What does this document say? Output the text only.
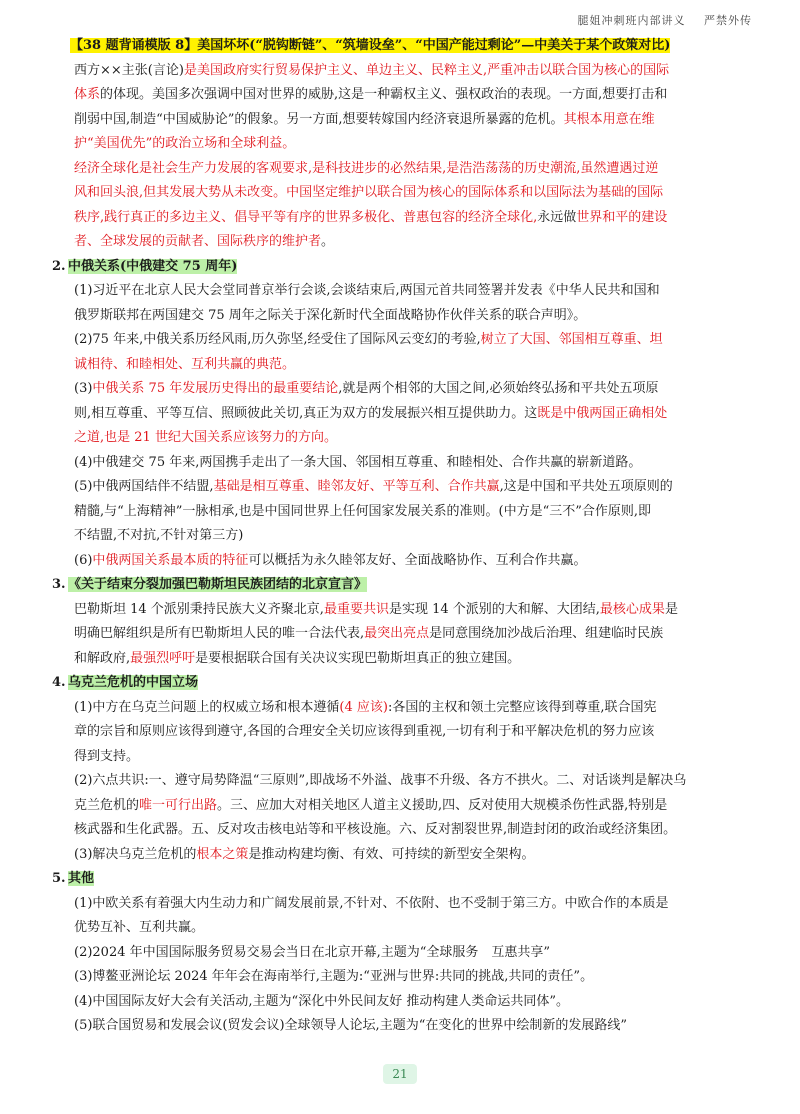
腿姐冲刺班内部讲义 严禁外传
【38 题背诵模版 8】美国坏坏(“脱钩断链”、“筑墙设垒”、“中国产能过剩论”—中美关于某个政策对比)
西方××主张(言论)是美国政府实行贸易保护主义、单边主义、民粹主义,严重冲击以联合国为核心的国际
体系的体现。美国多次强调中国对世界的威胁,这是一种霸权主义、强权政治的表现。一方面,想要打击和
削弱中国,制造“中国威胁论”的假象。另一方面,想要转嫁国内经济衰退所暴露的危机。其根本用意在维
护“美国优先”的政治立场和全球利益。
经济全球化是社会生产力发展的客观要求,是科技进步的必然结果,是浩浩荡荡的历史潮流,虽然遭遇过逆
风和回头浪,但其发展大势从未改变。中国坚定维护以联合国为核心的国际体系和以国际法为基础的国际
秩序,践行真正的多边主义、倡导平等有序的世界多极化、普惠包容的经济全球化,永远做世界和平的建设
者、全球发展的贡献者、国际秩序的维护者。
2. 中俄关系(中俄建交 75 周年)
(1)习近平在北京人民大会堂同普京举行会谈,会谈结束后,两国元首共同签署并发表《中华人民共和国和
俄罗斯联邦在两国建交 75 周年之际关于深化新时代全面战略协作伙伴关系的联合声明》。
(2)75 年来,中俄关系历经风雨,历久弥坚,经受住了国际风云变幻的考验,树立了大国、邻国相互尊重、坦
诚相待、和睦相处、互利共赢的典范。
(3)中俄关系 75 年发展历史得出的最重要结论,就是两个相邻的大国之间,必须始终弘扬和平共处五项原
则,相互尊重、平等互信、照顾彼此关切,真正为双方的发展振兴相互提供助力。这既是中俄两国正确相处
之道,也是 21 世纪大国关系应该努力的方向。
(4)中俄建交 75 年来,两国携手走出了一条大国、邻国相互尊重、和睦相处、合作共赢的崭新道路。
(5)中俄两国结伴不结盟,基础是相互尊重、睦邻友好、平等互利、合作共赢,这是中国和平共处五项原则的
精髓,与“上海精神”一脉相承,也是中国同世界上任何国家发展关系的准则。(中方是“三不”合作原则,即
不结盟,不对抗,不针对第三方)
(6)中俄两国关系最本质的特征可以概括为永久睦邻友好、全面战略协作、互利合作共赢。
3. 《关于结束分裂加强巴勒斯坦民族团结的北京宣言》
巴勒斯坦 14 个派别秉持民族大义齐聚北京,最重要共识是实现 14 个派别的大和解、大团结,最核心成果是
明确巴解组织是所有巴勒斯坦人民的唯一合法代表,最突出亮点是同意围绕加沙战后治理、组建临时民族
和解政府,最强烈呼吁是要根据联合国有关决议实现巴勒斯坦真正的独立建国。
4. 乌克兰危机的中国立场
(1)中方在乌克兰问题上的权威立场和根本遵循(4 应该):各国的主权和领土完整应该得到尊重,联合国宪
章的宗旨和原则应该得到遵守,各国的合理安全关切应该得到重视,一切有利于和平解决危机的努力应该
得到支持。
(2)六点共识:一、遵守局势降温“三原则”,即战场不外溢、战事不升级、各方不拱火。二、对话谈判是解决乌
克兰危机的唯一可行出路。三、应加大对相关地区人道主义援助,四、反对使用大规模杀伤性武器,特别是
核武器和生化武器。五、反对攻击核电站等和平核设施。六、反对割裂世界,制造封闭的政治或经济集团。
(3)解决乌克兰危机的根本之策是推动构建均衡、有效、可持续的新型安全架构。
5. 其他
(1)中欧关系有着强大内生动力和广阔发展前景,不针对、不依附、也不受制于第三方。中欧合作的本质是
优势互补、互利共赢。
(2)2024 年中国国际服务贸易交易会当日在北京开幕,主题为“全球服务　互惠共享”
(3)博鳌亚洲论坛 2024 年年会在海南举行,主题为:“亚洲与世界:共同的挑战,共同的责任”。
(4)中国国际友好大会有关活动,主题为“深化中外民间友好 推动构建人类命运共同体”。
(5)联合国贸易和发展会议(贸发会议)全球领导人论坛,主题为“在变化的世界中绘制新的发展路线”
21
